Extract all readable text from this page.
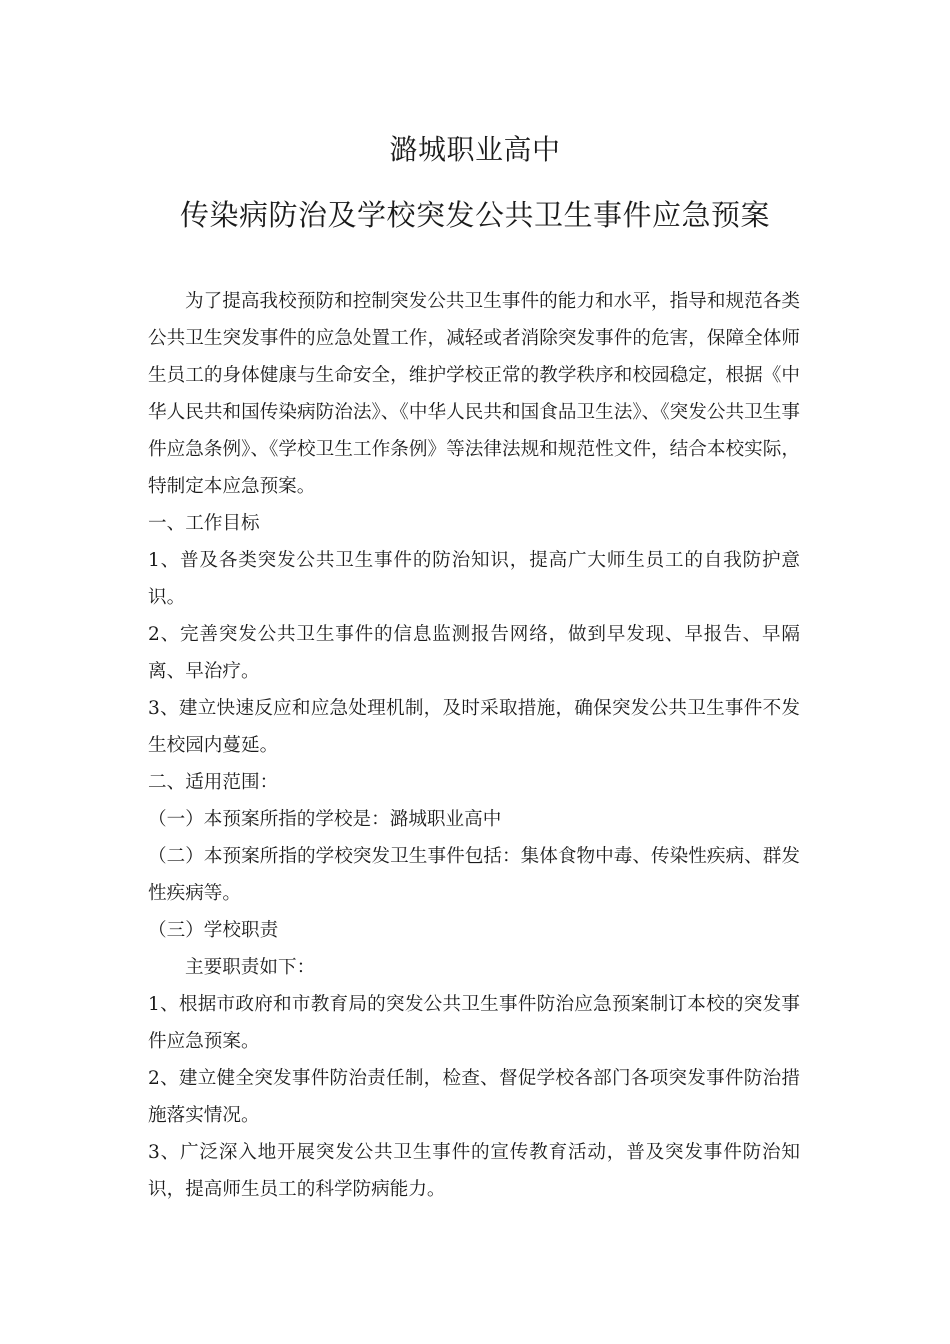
潞城职业高中
传染病防治及学校突发公共卫生事件应急预案

为了提高我校预防和控制突发公共卫生事件的能力和水平，指导和规范各类公共卫生突发事件的应急处置工作，减轻或者消除突发事件的危害，保障全体师生员工的身体健康与生命安全，维护学校正常的教学秩序和校园稳定，根据《中华人民共和国传染病防治法》、《中华人民共和国食品卫生法》、《突发公共卫生事件应急条例》、《学校卫生工作条例》等法律法规和规范性文件，结合本校实际，特制定本应急预案。

一、工作目标

1、普及各类突发公共卫生事件的防治知识，提高广大师生员工的自我防护意识。

2、完善突发公共卫生事件的信息监测报告网络，做到早发现、早报告、早隔离、早治疗。

3、建立快速反应和应急处理机制，及时采取措施，确保突发公共卫生事件不发生校园内蔓延。

二、适用范围：

（一）本预案所指的学校是：潞城职业高中

（二）本预案所指的学校突发卫生事件包括：集体食物中毒、传染性疾病、群发性疾病等。

（三）学校职责

主要职责如下：

1、根据市政府和市教育局的突发公共卫生事件防治应急预案制订本校的突发事件应急预案。

2、建立健全突发事件防治责任制，检查、督促学校各部门各项突发事件防治措施落实情况。

3、广泛深入地开展突发公共卫生事件的宣传教育活动，普及突发事件防治知识，提高师生员工的科学防病能力。
